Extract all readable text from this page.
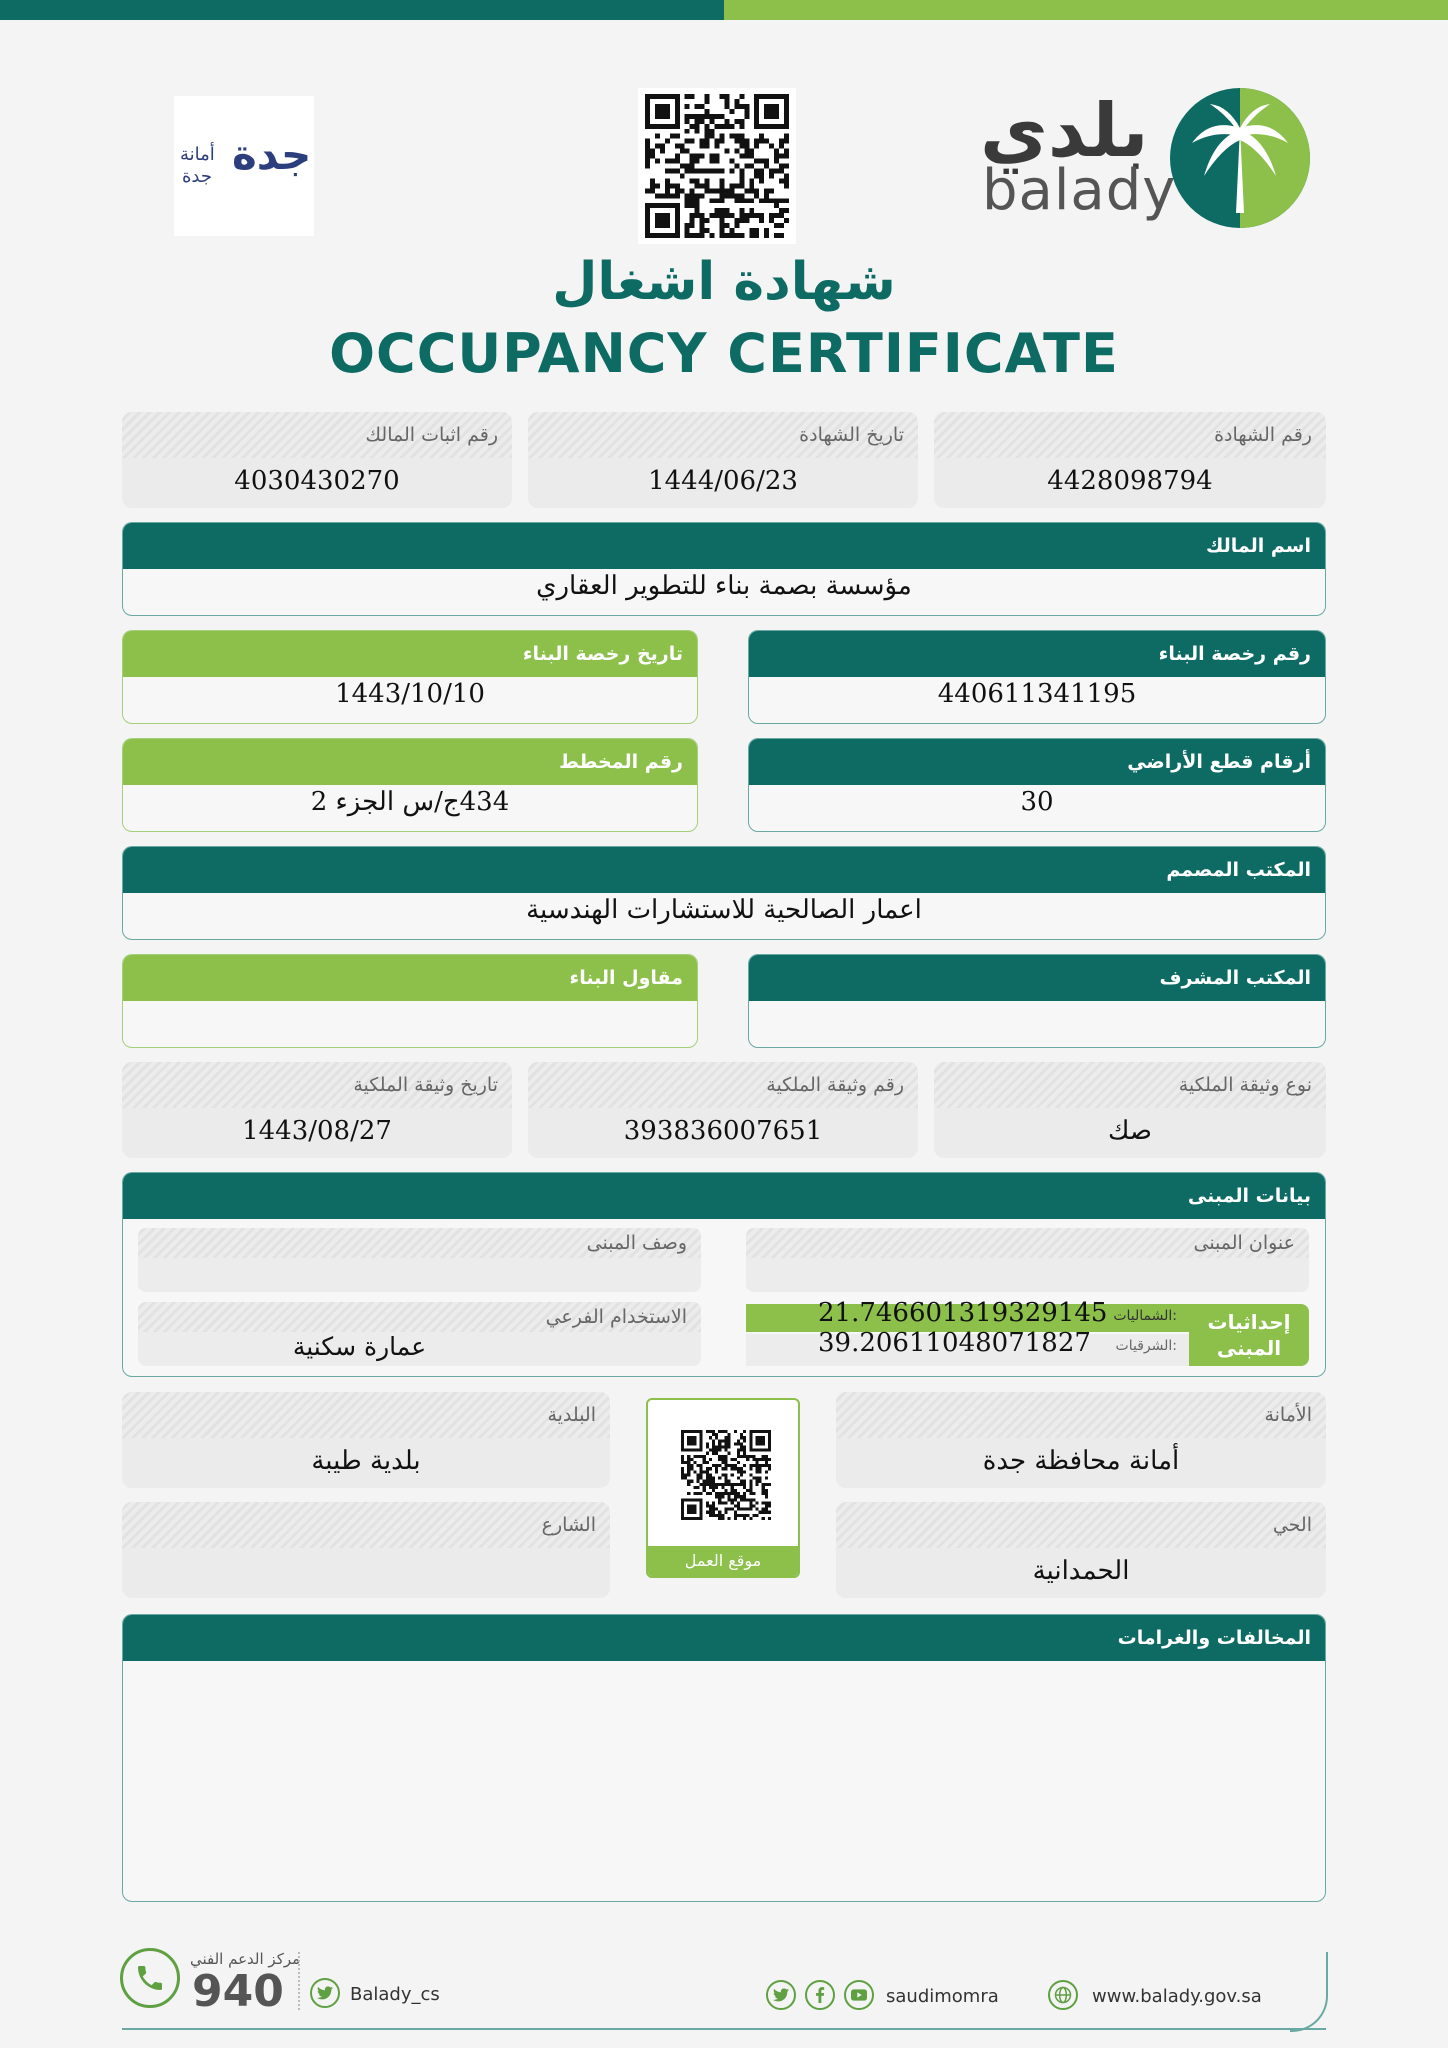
بلدي
balady
جدة
أمانة
جدة
شهادة اشغال
OCCUPANCY CERTIFICATE
رقم الشهادة
4428098794
تاريخ الشهادة
1444/06/23
رقم اثبات المالك
4030430270
اسم المالك
مؤسسة بصمة بناء للتطوير العقاري
رقم رخصة البناء
440611341195
تاريخ رخصة البناء
1443/10/10
أرقام قطع الأراضي
30
رقم المخطط
434ج/س الجزء 2
المكتب المصمم
اعمار الصالحية للاستشارات الهندسية
المكتب المشرف
مقاول البناء
نوع وثيقة الملكية
صك
رقم وثيقة الملكية
393836007651
تاريخ وثيقة الملكية
1443/08/27
بيانات المبنى
عنوان المبنى
وصف المبنى
الاستخدام الفرعي
عمارة سكنية
إحداثيات
المبنى
الشماليات:
21.746601319329145
الشرقيات:
39.20611048071827
الأمانة
أمانة محافظة جدة
البلدية
بلدية طيبة
الحي
الحمدانية
الشارع
موقع العمل
المخالفات والغرامات
مركز الدعم الفني
940	Balady_cs	saudimomra	www.balady.gov.sa
